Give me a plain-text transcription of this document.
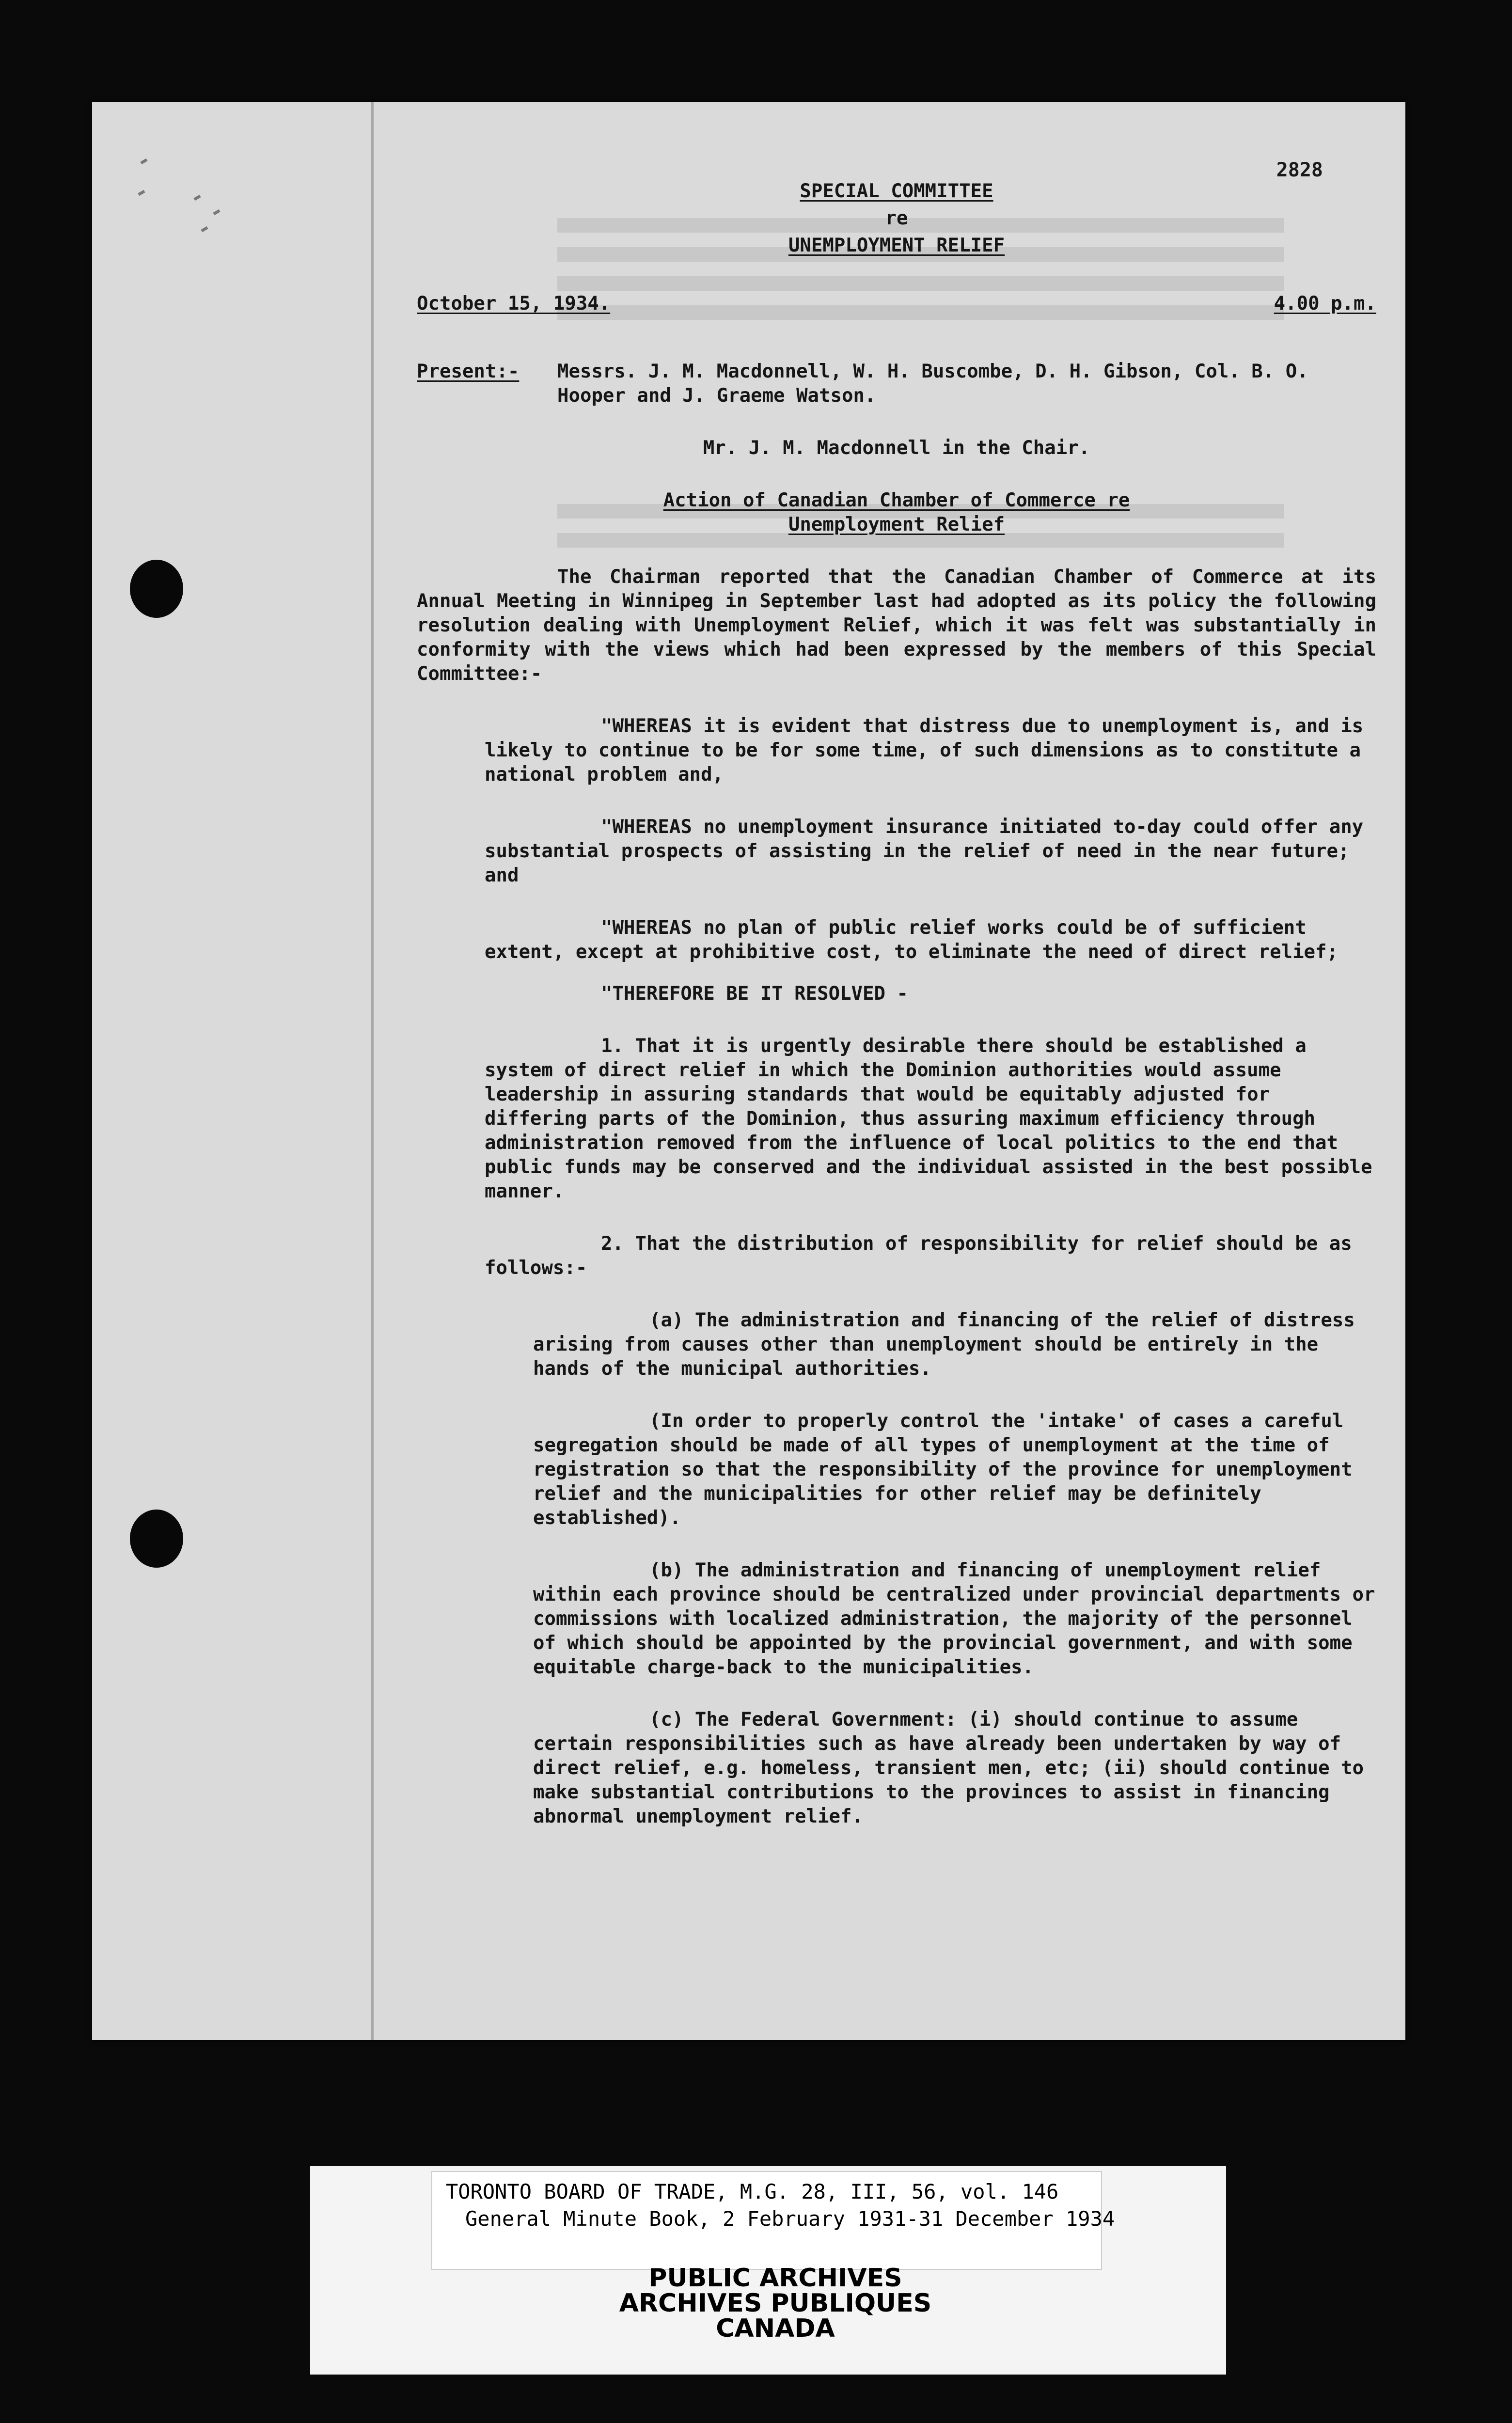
2828
SPECIAL COMMITTEE
re
UNEMPLOYMENT RELIEF
October 15, 1934.	4.00 p.m.
Present:-	Messrs. J. M. Macdonnell, W. H. Buscombe, D. H. Gibson, Col. B. O. Hooper and J. Graeme Watson.
Mr. J. M. Macdonnell in the Chair.
Action of Canadian Chamber of Commerce re
Unemployment Relief
The Chairman reported that the Canadian Chamber of Commerce at its Annual Meeting in Winnipeg in September last had adopted as its policy the following resolution dealing with Unemployment Relief, which it was felt was substantially in conformity with the views which had been expressed by the members of this Special Committee:-
"WHEREAS it is evident that distress due to unemployment is, and is likely to continue to be for some time, of such dimensions as to constitute a national problem and,
"WHEREAS no unemployment insurance initiated to-day could offer any substantial prospects of assisting in the relief of need in the near future; and
"WHEREAS no plan of public relief works could be of sufficient extent, except at prohibitive cost, to eliminate the need of direct relief;
"THEREFORE BE IT RESOLVED -
1. That it is urgently desirable there should be established a system of direct relief in which the Dominion authorities would assume leadership in assuring standards that would be equitably adjusted for differing parts of the Dominion, thus assuring maximum efficiency through administration removed from the influence of local politics to the end that public funds may be conserved and the individual assisted in the best possible manner.
2. That the distribution of responsibility for relief should be as follows:-
(a) The administration and financing of the relief of distress arising from causes other than unemployment should be entirely in the hands of the municipal authorities.
(In order to properly control the 'intake' of cases a careful segregation should be made of all types of unemployment at the time of registration so that the responsibility of the province for unemployment relief and the municipalities for other relief may be definitely established).
(b) The administration and financing of unemployment relief within each province should be centralized under provincial departments or commissions with localized administration, the majority of the personnel of which should be appointed by the provincial government, and with some equitable charge-back to the municipalities.
(c) The Federal Government: (i) should continue to assume certain responsibilities such as have already been undertaken by way of direct relief, e.g. homeless, transient men, etc; (ii) should continue to make substantial contributions to the provinces to assist in financing abnormal unemployment relief.
TORONTO BOARD OF TRADE, M.G. 28, III, 56, vol. 146
General Minute Book, 2 February 1931-31 December 1934
PUBLIC ARCHIVES
ARCHIVES PUBLIQUES
CANADA
